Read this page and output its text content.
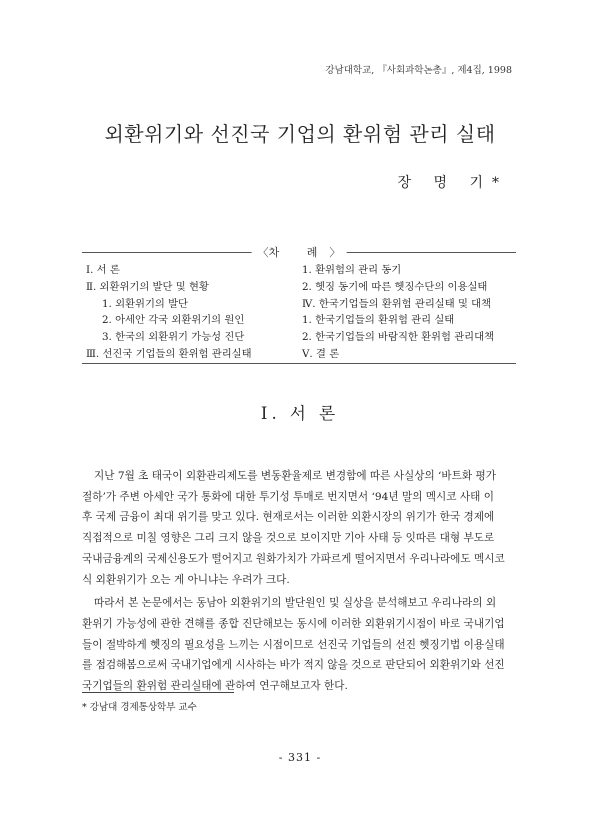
강남대학교, 『사회과학논총』, 제4집, 1998
외환위기와 선진국 기업의 환위험 관리 실태
장 명 기*
〈차 례〉
Ⅰ. 서 론
Ⅱ. 외환위기의 발단 및 현황
1. 외환위기의 발단
2. 아세안 각국 외환위기의 원인
3. 한국의 외환위기 가능성 진단
Ⅲ. 선진국 기업들의 환위험 관리실태
1. 환위험의 관리 동기
2. 헷징 동기에 따른 헷징수단의 이용실태
Ⅳ. 한국기업들의 환위험 관리실태 및 대책
1. 한국기업들의 환위험 관리 실태
2. 한국기업들의 바람직한 환위험 관리대책
Ⅴ. 결 론
Ⅰ. 서 론

지난 7월 초 태국이 외환관리제도를 변동환율제로 변경함에 따른 사실상의 ‘바트화 평가
절하’가 주변 아세안 국가 통화에 대한 투기성 투매로 번지면서 ‘94년 말의 멕시코 사태 이
후 국제 금융이 최대 위기를 맞고 있다. 현재로서는 이러한 외환시장의 위기가 한국 경제에
직접적으로 미칠 영향은 그리 크지 않을 것으로 보이지만 기아 사태 등 잇따른 대형 부도로
국내금융계의 국제신용도가 떨어지고 원화가치가 가파르게 떨어지면서 우리나라에도 멕시코
식 외환위기가 오는 게 아니냐는 우려가 크다.

따라서 본 논문에서는 동남아 외환위기의 발단원인 및 실상을 분석해보고 우리나라의 외
환위기 가능성에 관한 견해를 종합 진단해보는 동시에 이러한 외환위기시점이 바로 국내기업
들이 절박하게 헷징의 필요성을 느끼는 시점이므로 선진국 기업들의 선진 헷징기법 이용실태
를 점검해봄으로써 국내기업에게 시사하는 바가 적지 않을 것으로 판단되어 외환위기와 선진
국기업들의 환위험 관리실태에 관하여 연구해보고자 한다.

* 강남대 경제통상학부 교수
- 331 -
